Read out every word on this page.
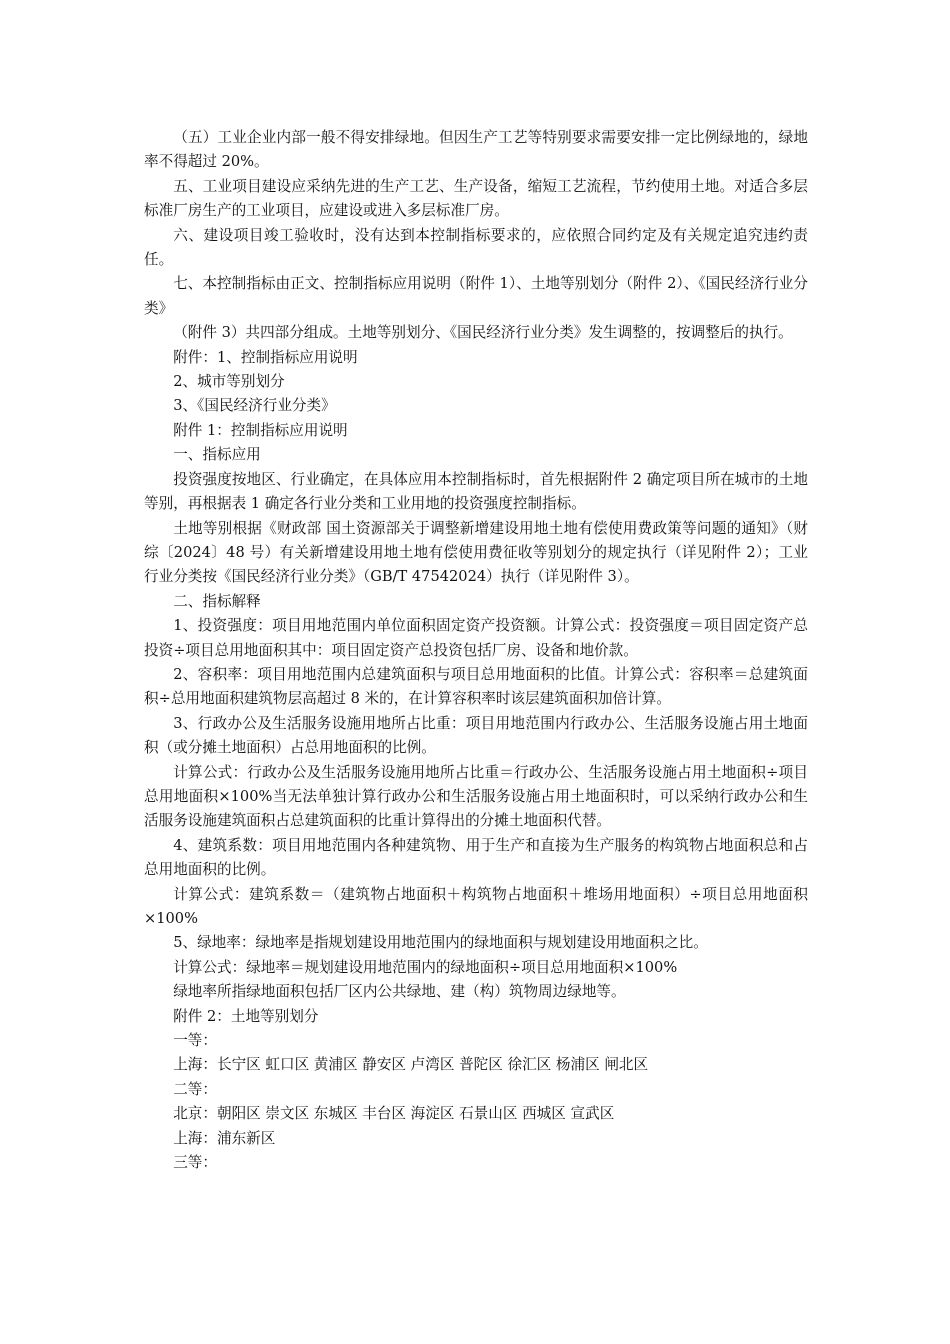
（五）工业企业内部一般不得安排绿地。但因生产工艺等特别要求需要安排一定比例绿地的，绿地率不得超过 20%。

五、工业项目建设应采纳先进的生产工艺、生产设备，缩短工艺流程，节约使用土地。对适合多层标准厂房生产的工业项目，应建设或进入多层标准厂房。

六、建设项目竣工验收时，没有达到本控制指标要求的，应依照合同约定及有关规定追究违约责任。

七、本控制指标由正文、控制指标应用说明（附件 1）、土地等别划分（附件 2）、《国民经济行业分类》

（附件 3）共四部分组成。土地等别划分、《国民经济行业分类》发生调整的，按调整后的执行。

附件：1、控制指标应用说明

2、城市等别划分

3、《国民经济行业分类》

附件 1：控制指标应用说明

一、指标应用

投资强度按地区、行业确定，在具体应用本控制指标时，首先根据附件 2 确定项目所在城市的土地等别，再根据表 1 确定各行业分类和工业用地的投资强度控制指标。

土地等别根据《财政部 国土资源部关于调整新增建设用地土地有偿使用费政策等问题的通知》（财综〔2024〕48 号）有关新增建设用地土地有偿使用费征收等别划分的规定执行（详见附件 2）；工业行业分类按《国民经济行业分类》（GB/T 47542024）执行（详见附件 3）。

二、指标解释

1、投资强度：项目用地范围内单位面积固定资产投资额。计算公式：投资强度＝项目固定资产总投资÷项目总用地面积其中：项目固定资产总投资包括厂房、设备和地价款。

2、容积率：项目用地范围内总建筑面积与项目总用地面积的比值。计算公式：容积率＝总建筑面积÷总用地面积建筑物层高超过 8 米的，在计算容积率时该层建筑面积加倍计算。

3、行政办公及生活服务设施用地所占比重：项目用地范围内行政办公、生活服务设施占用土地面积（或分摊土地面积）占总用地面积的比例。

计算公式：行政办公及生活服务设施用地所占比重＝行政办公、生活服务设施占用土地面积÷项目总用地面积×100%当无法单独计算行政办公和生活服务设施占用土地面积时，可以采纳行政办公和生活服务设施建筑面积占总建筑面积的比重计算得出的分摊土地面积代替。

4、建筑系数：项目用地范围内各种建筑物、用于生产和直接为生产服务的构筑物占地面积总和占总用地面积的比例。

计算公式：建筑系数＝（建筑物占地面积＋构筑物占地面积＋堆场用地面积）÷项目总用地面积×100%

5、绿地率：绿地率是指规划建设用地范围内的绿地面积与规划建设用地面积之比。

计算公式：绿地率＝规划建设用地范围内的绿地面积÷项目总用地面积×100%

绿地率所指绿地面积包括厂区内公共绿地、建（构）筑物周边绿地等。

附件 2：土地等别划分

一等：

上海：长宁区 虹口区 黄浦区 静安区 卢湾区 普陀区 徐汇区 杨浦区 闸北区

二等：

北京：朝阳区 崇文区 东城区 丰台区 海淀区 石景山区 西城区 宣武区

上海：浦东新区

三等：
